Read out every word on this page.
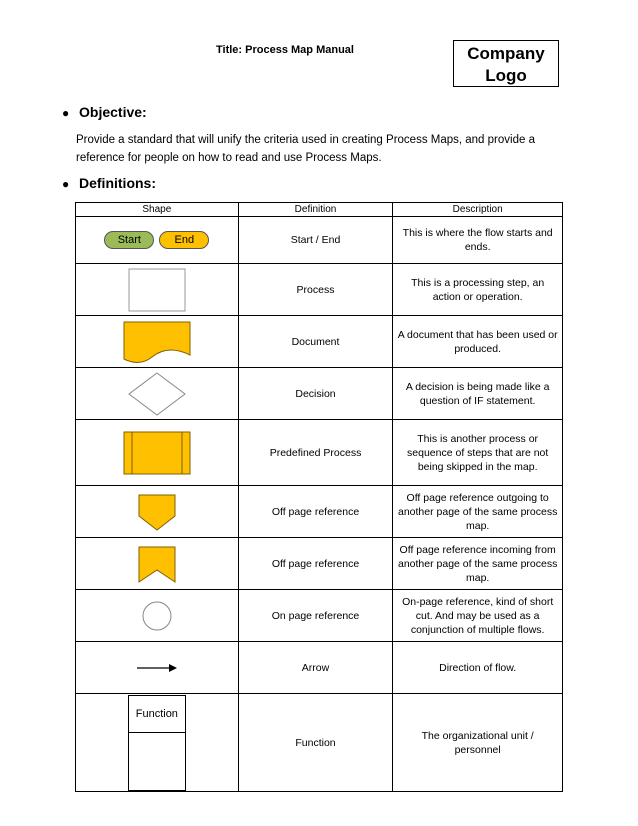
Title: Process Map Manual	Company
Logo
● Objective:
Provide a standard that will unify the criteria used in creating Process Maps, and provide a reference for people on how to read and use Process Maps.
● Definitions:
Shape	Definition	Description
Start End	Start / End	This is where the flow starts and ends.

	Process	This is a processing step, an action or operation.

	Document	A document that has been used or produced.

	Decision	A decision is being made like a question of IF statement.

	Predefined Process	This is another process or sequence of steps that are not being skipped in the map.

	Off page reference	Off page reference outgoing to another page of the same process map.

	Off page reference	Off page reference incoming from another page of the same process map.

	On page reference	On-page reference, kind of short cut. And may be used as a conjunction of multiple flows.

	Arrow	Direction of flow.

Function	Function	The organizational unit / personnel
